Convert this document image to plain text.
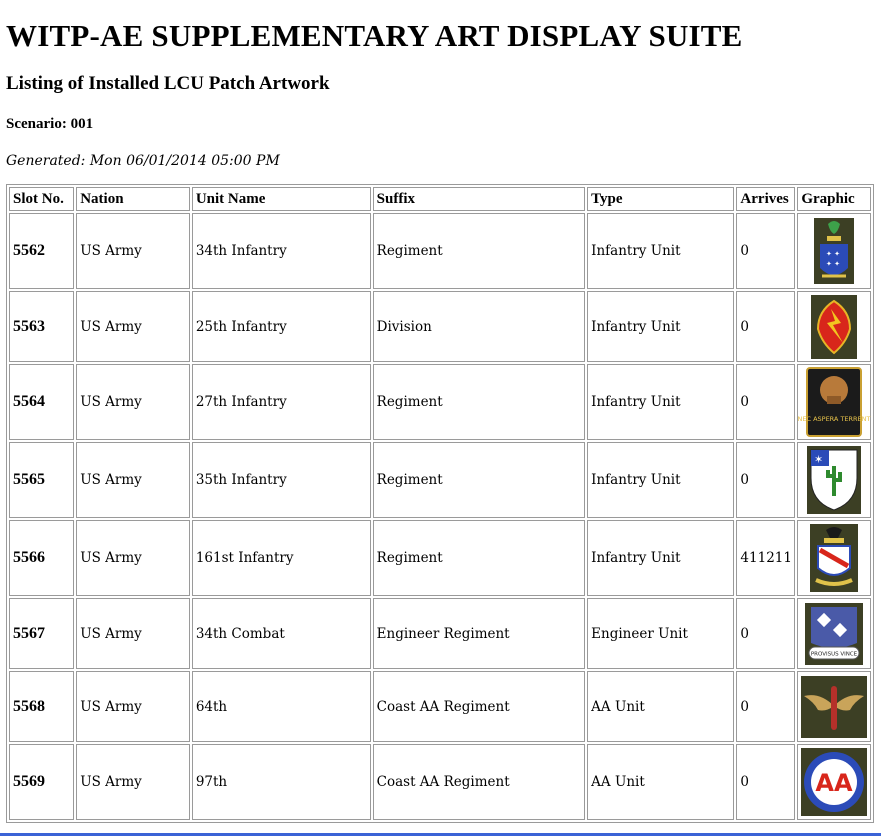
WITP-AE SUPPLEMENTARY ART DISPLAY SUITE
Listing of Installed LCU Patch Artwork
Scenario: 001
Generated: Mon 06/01/2014 05:00 PM
Slot No.	Nation	Unit Name	Suffix	Type	Arrives	Graphic
5562	US Army	34th Infantry	Regiment	Infantry Unit	0	✦ ✦
✦ ✦

5563	US Army	25th Infantry	Division	Infantry Unit	0	

5564	US Army	27th Infantry	Regiment	Infantry Unit	0	NEC ASPERA TERRENT

5565	US Army	35th Infantry	Regiment	Infantry Unit	0	✶

5566	US Army	161st Infantry	Regiment	Infantry Unit	411211	

5567	US Army	34th Combat	Engineer Regiment	Engineer Unit	0	PROVISUS VINCE

5568	US Army	64th	Coast AA Regiment	AA Unit	0	

5569	US Army	97th	Coast AA Regiment	AA Unit	0	AA
